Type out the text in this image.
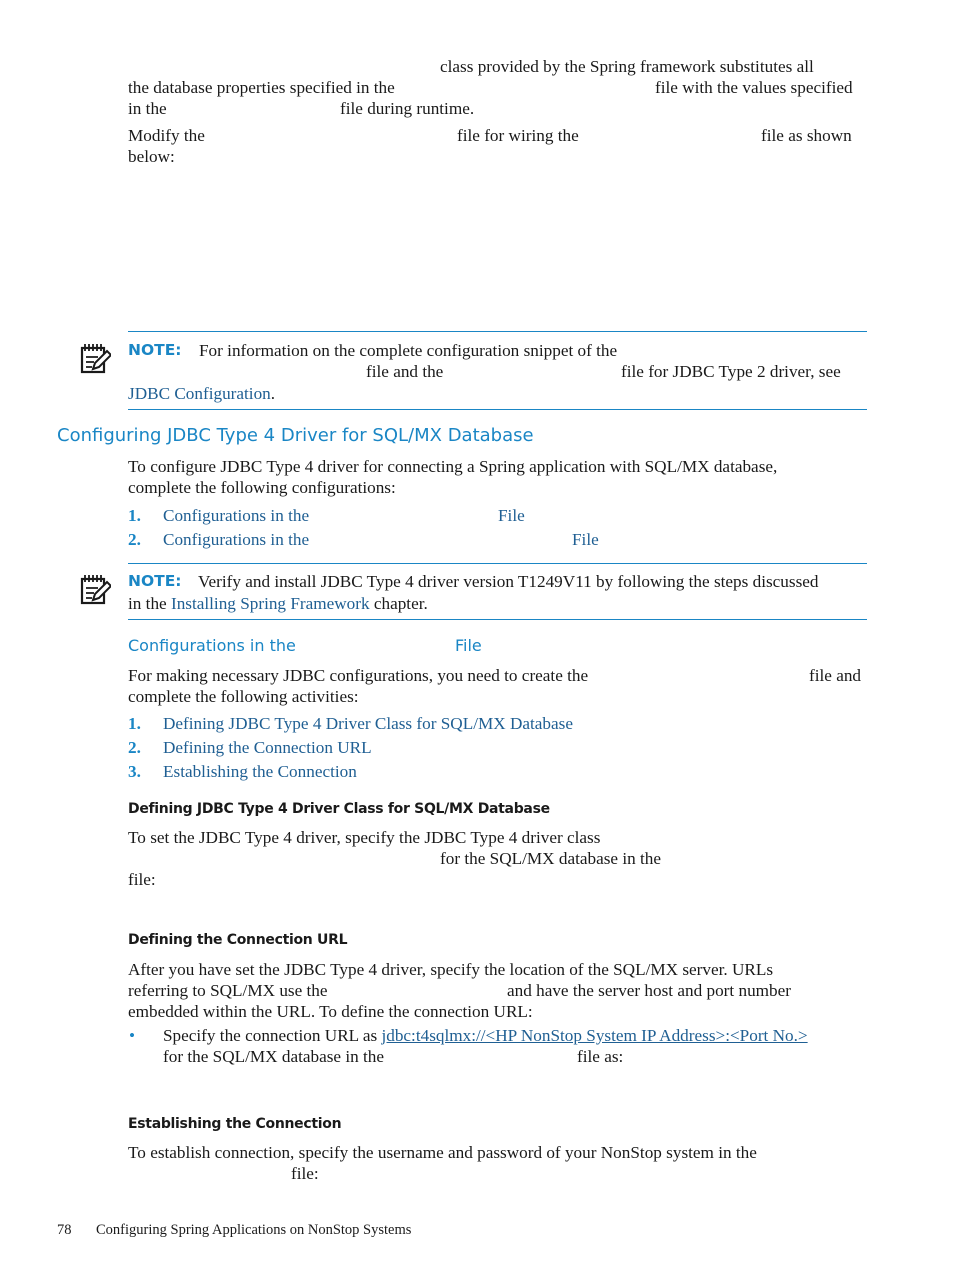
class provided by the Spring framework substitutes all
the database properties specified in the	file with the values specified
in the	file during runtime.
Modify the	file for wiring the	file as shown
below:
NOTE: For information on the complete configuration snippet of the
file and the	file for JDBC Type 2 driver, see
JDBC Configuration.
Configuring JDBC Type 4 Driver for SQL/MX Database
To configure JDBC Type 4 driver for connecting a Spring application with SQL/MX database,
complete the following configurations:
1. Configurations in the	File
2. Configurations in the	File
NOTE: Verify and install JDBC Type 4 driver version T1249V11 by following the steps discussed
in the Installing Spring Framework chapter.
Configurations in the	File
For making necessary JDBC configurations, you need to create the	file and
complete the following activities:
1. Defining JDBC Type 4 Driver Class for SQL/MX Database
2. Defining the Connection URL
3. Establishing the Connection
Defining JDBC Type 4 Driver Class for SQL/MX Database
To set the JDBC Type 4 driver, specify the JDBC Type 4 driver class
for the SQL/MX database in the
file:
Defining the Connection URL
After you have set the JDBC Type 4 driver, specify the location of the SQL/MX server. URLs
referring to SQL/MX use the	and have the server host and port number
embedded within the URL. To define the connection URL:
• Specify the connection URL as jdbc:t4sqlmx://<HP NonStop System IP Address>:<Port No.>
for the SQL/MX database in the	file as:
Establishing the Connection
To establish connection, specify the username and password of your NonStop system in the
file:
78 Configuring Spring Applications on NonStop Systems
